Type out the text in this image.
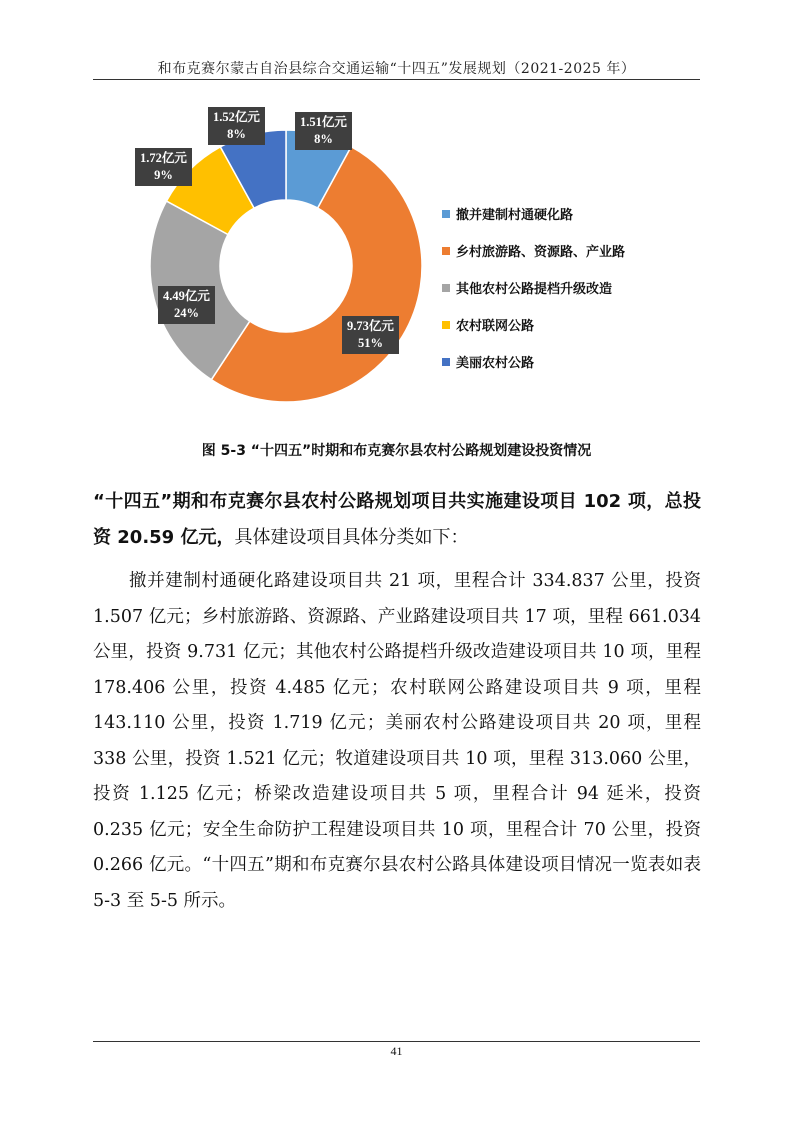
和布克赛尔蒙古自治县综合交通运输“十四五”发展规划（2021-2025 年）
1.52亿元
8%
1.51亿元
8%
1.72亿元
9%
4.49亿元
24%
9.73亿元
51%
撤并建制村通硬化路
乡村旅游路、资源路、产业路
其他农村公路提档升级改造
农村联网公路
美丽农村公路
图 5-3 “十四五”时期和布克赛尔县农村公路规划建设投资情况
“十四五”期和布克赛尔县农村公路规划项目共实施建设项目 102 项，总投资 20.59 亿元，具体建设项目具体分类如下：
撤并建制村通硬化路建设项目共 21 项，里程合计 334.837 公里，投资 1.507 亿元；乡村旅游路、资源路、产业路建设项目共 17 项，里程 661.034 公里，投资 9.731 亿元；其他农村公路提档升级改造建设项目共 10 项，里程 178.406 公里，投资 4.485 亿元；农村联网公路建设项目共 9 项，里程 143.110 公里，投资 1.719 亿元；美丽农村公路建设项目共 20 项，里程 338 公里，投资 1.521 亿元；牧道建设项目共 10 项，里程 313.060 公里，投资 1.125 亿元；桥梁改造建设项目共 5 项，里程合计 94 延米，投资 0.235 亿元；安全生命防护工程建设项目共 10 项，里程合计 70 公里，投资 0.266 亿元。“十四五”期和布克赛尔县农村公路具体建设项目情况一览表如表 5-3 至 5-5 所示。
41
